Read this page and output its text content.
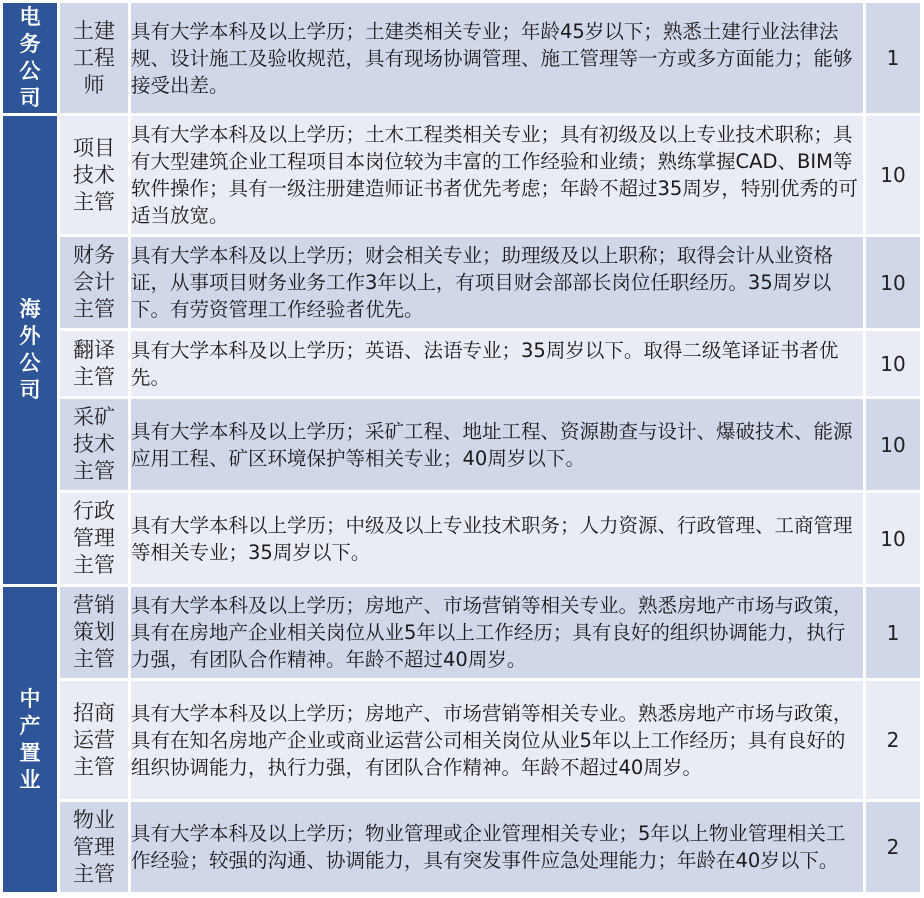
电务公司	土建工程师	具有大学本科及以上学历；土建类相关专业；年龄45岁以下；熟悉土建行业法律法规、设计施工及验收规范，具有现场协调管理、施工管理等一方或多方面能力；能够接受出差。	1
海外公司	项目技术主管	具有大学本科及以上学历；土木工程类相关专业；具有初级及以上专业技术职称；具有大型建筑企业工程项目本岗位较为丰富的工作经验和业绩；熟练掌握CAD、BIM等软件操作；具有一级注册建造师证书者优先考虑；年龄不超过35周岁，特别优秀的可适当放宽。	10
	财务会计主管	具有大学本科及以上学历；财会相关专业；助理级及以上职称；取得会计从业资格证，从事项目财务业务工作3年以上，有项目财会部部长岗位任职经历。35周岁以下。有劳资管理工作经验者优先。	10
	翻译主管	具有大学本科及以上学历；英语、法语专业；35周岁以下。取得二级笔译证书者优先。	10
	采矿技术主管	具有大学本科及以上学历；采矿工程、地址工程、资源勘查与设计、爆破技术、能源应用工程、矿区环境保护等相关专业；40周岁以下。	10
	行政管理主管	具有大学本科以上学历；中级及以上专业技术职务；人力资源、行政管理、工商管理等相关专业；35周岁以下。	10
中产置业	营销策划主管	具有大学本科及以上学历；房地产、市场营销等相关专业。熟悉房地产市场与政策，具有在房地产企业相关岗位从业5年以上工作经历；具有良好的组织协调能力，执行力强，有团队合作精神。年龄不超过40周岁。	1
	招商运营主管	具有大学本科及以上学历；房地产、市场营销等相关专业。熟悉房地产市场与政策，具有在知名房地产企业或商业运营公司相关岗位从业5年以上工作经历；具有良好的组织协调能力，执行力强，有团队合作精神。年龄不超过40周岁。	2
	物业管理主管	具有大学本科及以上学历；物业管理或企业管理相关专业；5年以上物业管理相关工作经验；较强的沟通、协调能力，具有突发事件应急处理能力；年龄在40岁以下。	2
